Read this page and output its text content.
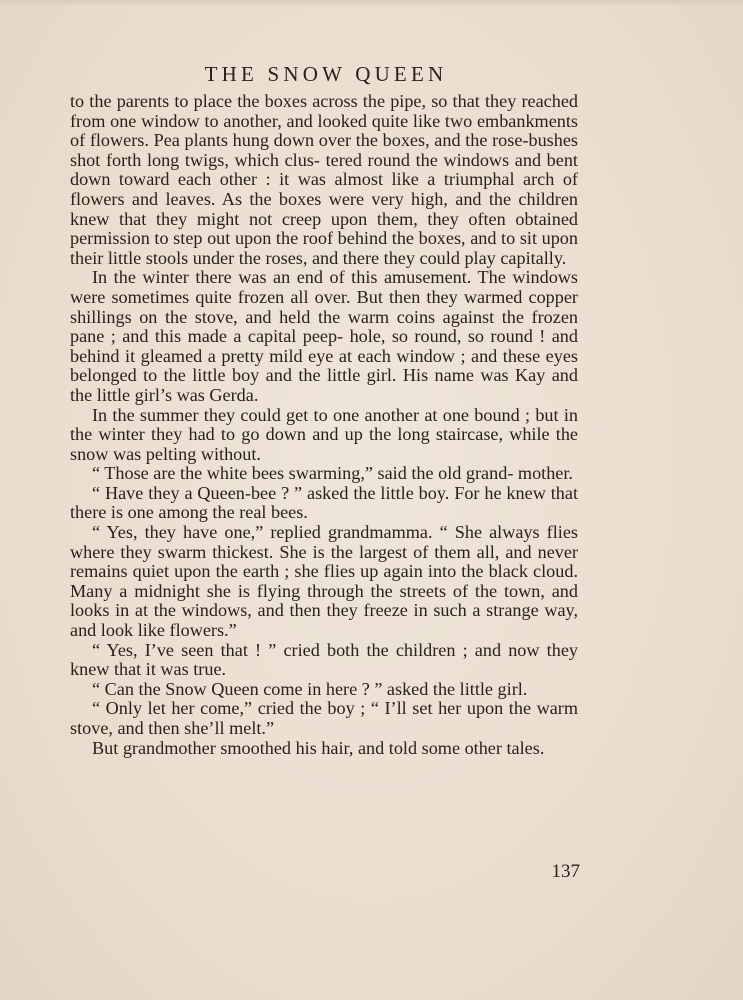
THE SNOW QUEEN

to the parents to place the boxes across the pipe, so that they reached from one window to another, and looked quite like two embankments of flowers. Pea plants hung down over the boxes, and the rose-bushes shot forth long twigs, which clus- tered round the windows and bent down toward each other : it was almost like a triumphal arch of flowers and leaves. As the boxes were very high, and the children knew that they might not creep upon them, they often obtained permission to step out upon the roof behind the boxes, and to sit upon their little stools under the roses, and there they could play capitally.

In the winter there was an end of this amusement. The windows were sometimes quite frozen all over. But then they warmed copper shillings on the stove, and held the warm coins against the frozen pane ; and this made a capital peep- hole, so round, so round ! and behind it gleamed a pretty mild eye at each window ; and these eyes belonged to the little boy and the little girl. His name was Kay and the little girl’s was Gerda.

In the summer they could get to one another at one bound ; but in the winter they had to go down and up the long staircase, while the snow was pelting without.

“ Those are the white bees swarming,” said the old grand- mother.

“ Have they a Queen-bee ? ” asked the little boy. For he knew that there is one among the real bees.

“ Yes, they have one,” replied grandmamma. “ She always flies where they swarm thickest. She is the largest of them all, and never remains quiet upon the earth ; she flies up again into the black cloud. Many a midnight she is flying through the streets of the town, and looks in at the windows, and then they freeze in such a strange way, and look like flowers.”

“ Yes, I’ve seen that ! ” cried both the children ; and now they knew that it was true.

“ Can the Snow Queen come in here ? ” asked the little girl.

“ Only let her come,” cried the boy ; “ I’ll set her upon the warm stove, and then she’ll melt.”

But grandmother smoothed his hair, and told some other tales.

137
